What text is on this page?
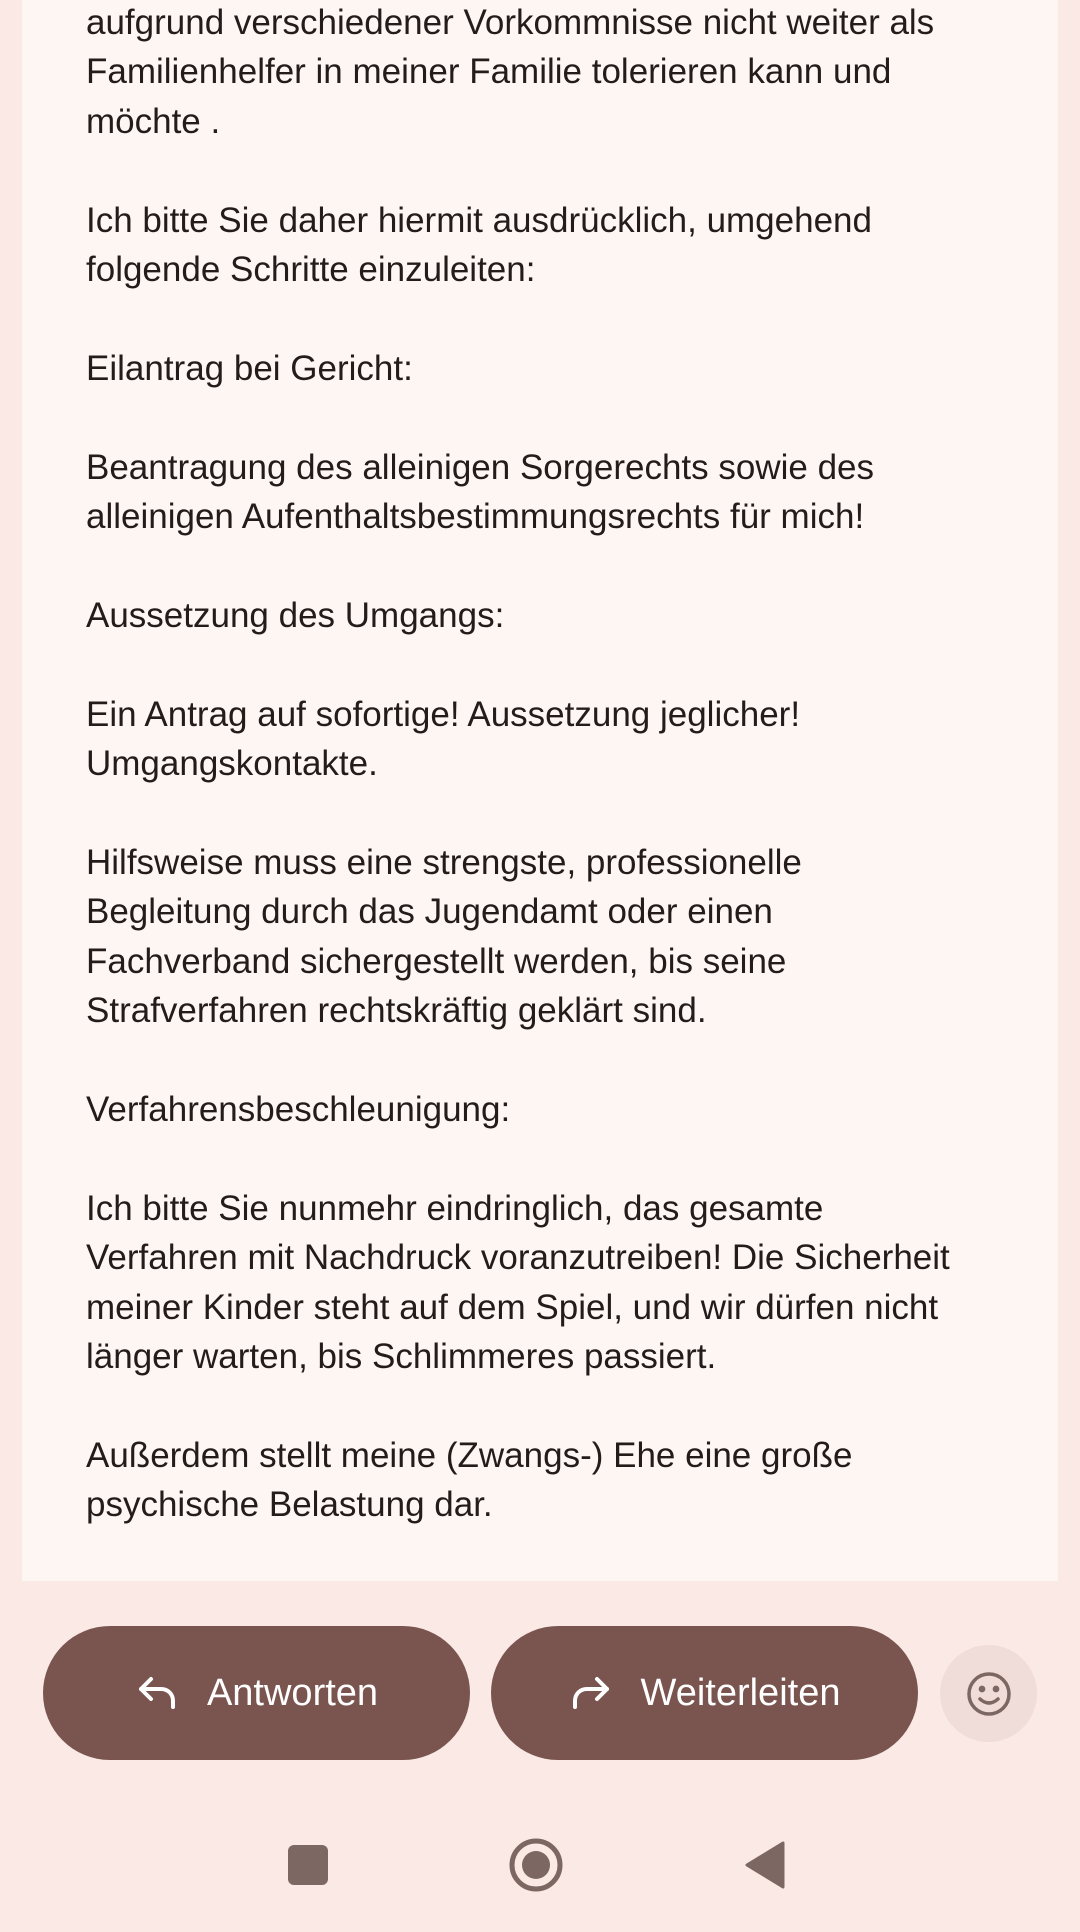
aufgrund verschiedener Vorkommnisse nicht weiter als
Familienhelfer in meiner Familie tolerieren kann und
möchte .

Ich bitte Sie daher hiermit ausdrücklich, umgehend
folgende Schritte einzuleiten:

Eilantrag bei Gericht:

Beantragung des alleinigen Sorgerechts sowie des
alleinigen Aufenthaltsbestimmungsrechts für mich!

Aussetzung des Umgangs:

Ein Antrag auf sofortige! Aussetzung jeglicher!
Umgangskontakte.

Hilfsweise muss eine strengste, professionelle
Begleitung durch das Jugendamt oder einen
Fachverband sichergestellt werden, bis seine
Strafverfahren rechtskräftig geklärt sind.

Verfahrensbeschleunigung:

Ich bitte Sie nunmehr eindringlich, das gesamte
Verfahren mit Nachdruck voranzutreiben! Die Sicherheit
meiner Kinder steht auf dem Spiel, und wir dürfen nicht
länger warten, bis Schlimmeres passiert.

Außerdem stellt meine (Zwangs-) Ehe eine große
psychische Belastung dar.
Antworten	Weiterleiten
